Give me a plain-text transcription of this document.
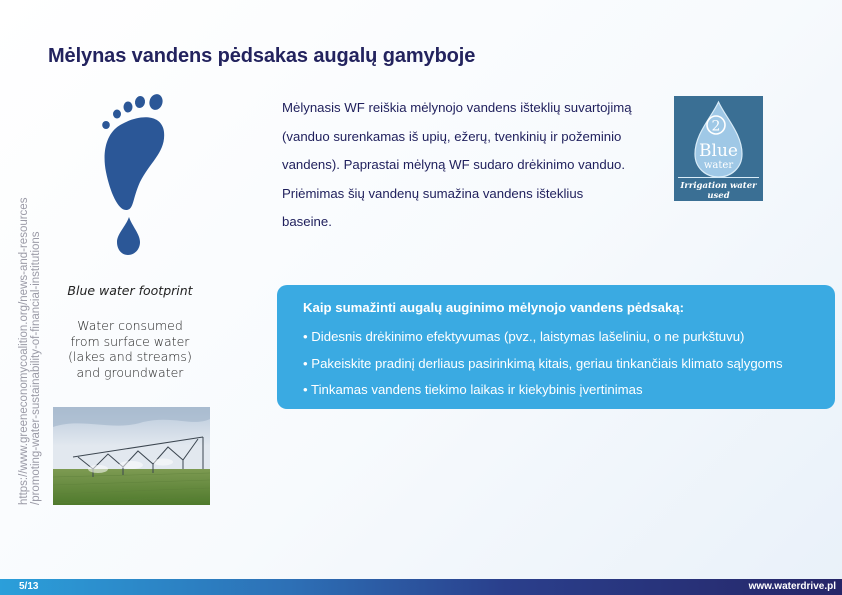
Mėlynas vandens pėdsakas augalų gamyboje
Blue water footprint
Water consumed
from surface water
(lakes and streams)
and groundwater
https://www.greeneconomycoalition.org/news-and-resources /promoting-water-sustainability-of-financial-institutions
Mėlynasis WF reiškia mėlynojo vandens išteklių suvartojimą
(vanduo surenkamas iš upių, ežerų, tvenkinių ir požeminio
vandens). Paprastai mėlyną WF sudaro drėkinimo vanduo.
Priėmimas šių vandenų sumažina vandens išteklius
baseine.
2
Blue
water
Irrigation water
used
Kaip sumažinti augalų auginimo mėlynojo vandens pėdsaką:
• Didesnis drėkinimo efektyvumas (pvz., laistymas lašeliniu, o ne purkštuvu)
• Pakeiskite pradinį derliaus pasirinkimą kitais, geriau tinkančiais klimato sąlygoms
• Tinkamas vandens tiekimo laikas ir kiekybinis įvertinimas
5/13	www.waterdrive.pl
